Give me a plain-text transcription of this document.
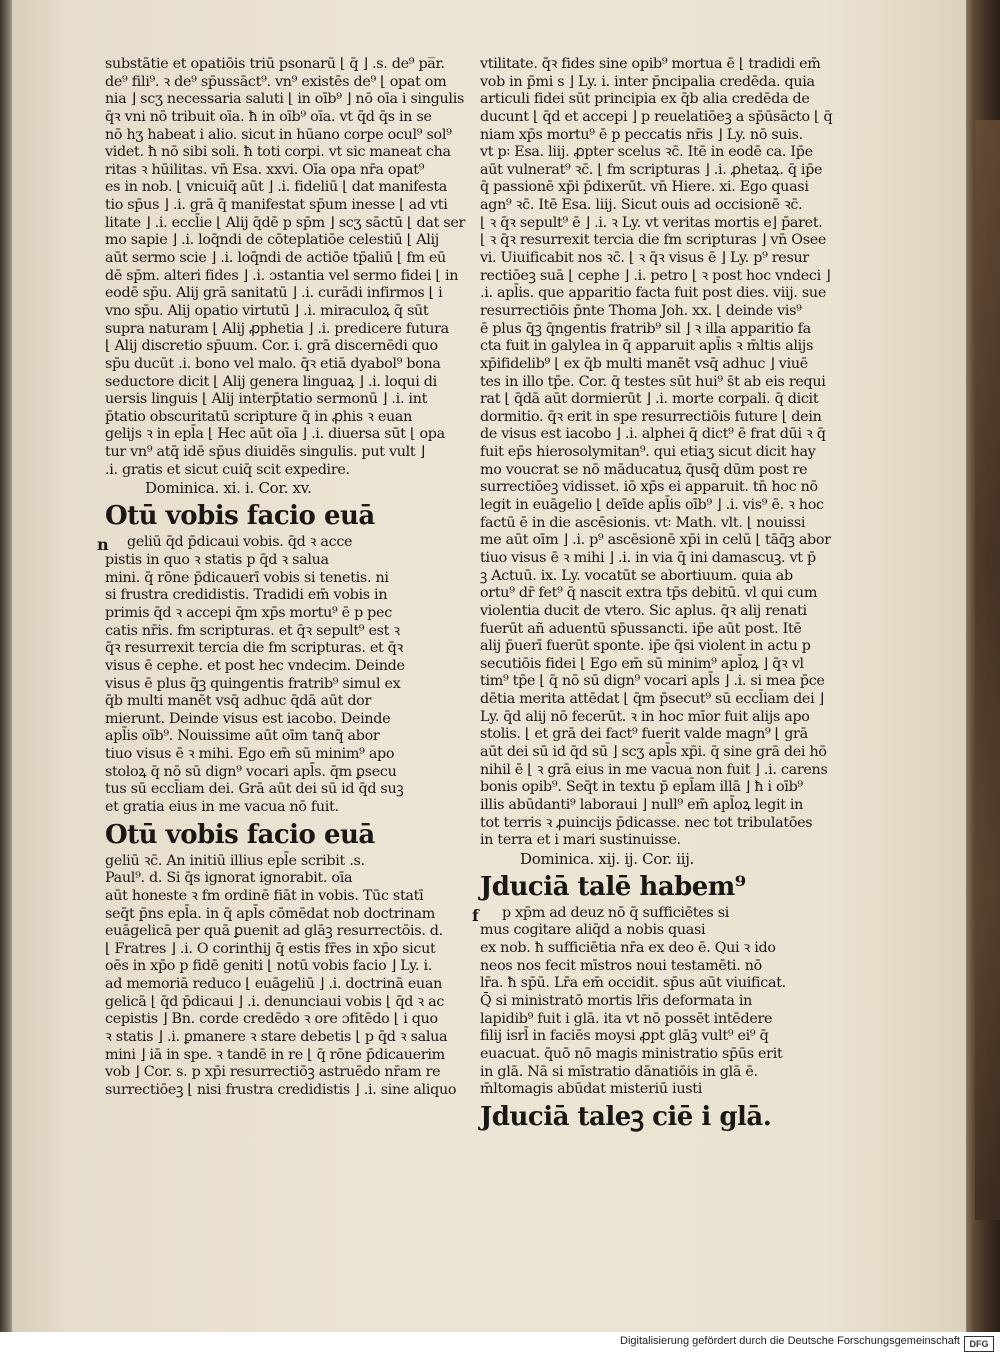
substātie et opatiōis triū psonarū ⌊ q̄ ⌋ .s. de⁹ pa̅r.
de⁹ fili⁹. ꝛ de⁹ sp̄ussāct⁹. vn⁹ existēs de⁹ ⌊ opat om
nia ⌋ scʒ necessaria saluti ⌊ in oīb⁹ ⌋ nō oīa i singulis
q̄ꝛ vni nō tribuit oīa. ħ in oīb⁹ oīa. vt q̄d q̄s in se
nō hʒ habeat i alio. sicut in hūano corpe ocul⁹ sol⁹
videt. ħ nō sibi soli. ħ toti corpi. vt sic maneat cha
ritas ꝛ hūilitas. vn̄ Esa. xxvi. Oīa opa nr̄a opat⁹
es in nob. ⌊ vnicuiq̄ aūt ⌋ .i. fideliū ⌊ dat manifesta
tio sp̄us ⌋ .i. grā q̄ manifestat sp̄um inesse ⌊ ad vti
litate ⌋ .i. eccl̄ie ⌊ Alij q̄dē p sp̄m ⌋ scʒ sāctū ⌊ dat ser
mo sapie ⌋ .i. loq̄ndi de cōteplatiōe celestiū ⌊ Alij
aūt sermo scie ⌋ .i. loq̄ndi de actiōe tp̄aliū ⌊ fm eū
dē sp̄m. alteri fides ⌋ .i. ɔstantia vel sermo fidei ⌊ in
eodē sp̄u. Alij grā sanitatū ⌋ .i. curādi infirmos ⌊ i
vno sp̄u. Alij opatio virtutū ⌋ .i. miraculoꝝ q̄ sūt
supra naturam ⌊ Alij ꝓphetia ⌋ .i. predicere futura
⌊ Alij discretio sp̄uum. Cor. i. grā discernēdi quo
sp̄u ducūt .i. bono vel malo. q̄ꝛ etiā dyabol⁹ bona
seductore dicit ⌊ Alij genera linguaꝝ ⌋ .i. loqui di
uersis linguis ⌊ Alij interp̄tatio sermonū ⌋ .i. int
p̄tatio obscuritatū scripture q̄ in ꝓhis ꝛ euan
gelijs ꝛ in epl̄a ⌊ Hec aūt oīa ⌋ .i. diuersa sūt ⌊ opa
tur vn⁹ atq̄ idē sp̄us diuidēs singulis. put vult ⌋
.i. gratis et sicut cuiq̄ scit expedire.
Dominica. xi. i. Cor. xv.
Otū vobis facio euā
n geliū q̄d p̄dicaui vobis. q̄d ꝛ acce
pistis in quo ꝛ statis p q̄d ꝛ salua
mini. q̄ rōne p̄dicauerī vobis si tenetis. ni
si frustra credidistis. Tradidi em̄ vobis in
primis q̄d ꝛ accepi q̄m xp̄s mortu⁹ ē p pec
catis nr̄is. fm scripturas. et q̄ꝛ sepult⁹ est ꝛ
q̄ꝛ resurrexit tercia die fm scripturas. et q̄ꝛ
visus ē cephe. et post hec vndecim. Deinde
visus ē plus q̄ꝫ quingentis fratrib⁹ simul ex
q̄b multi manēt vsq̄ adhuc q̄dā aūt dor
mierunt. Deinde visus est iacobo. Deinde
apl̄is oīb⁹. Nouissime aūt oīm tanq̄ abor
tiuo visus ē ꝛ mihi. Ego em̄ sū minim⁹ apo
stoloꝝ q̄ nō sū dign⁹ vocari apl̄s. q̄m ꝑsecu
tus sū eccl̄iam dei. Grā aūt dei sū id q̄d suꝫ
et gratia eius in me vacua nō fuit.
Otū vobis facio euā
geliū ꝛc̄. An initiū illius epl̄e scribit .s.
Paul⁹. d. Si q̄s ignorat ignorabit. oīa
aūt honeste ꝛ fm ordinē fiāt in vobis. Tūc statī
seq̄t p̄ns epl̄a. in q̄ apl̄s cōmēdat nob doctrinam
euāgelicā per quā ꝑuenit ad glāꝫ resurrectōis. d.
⌊ Fratres ⌋ .i. O corinthij q̄ estis fr̄es in xp̄o sicut
oēs in xp̄o p fidē geniti ⌊ notū vobis facio ⌋ Ly. i.
ad memoriā reduco ⌊ euāgeliū ⌋ .i. doctrinā euan
gelicā ⌊ q̄d p̄dicaui ⌋ .i. denunciaui vobis ⌊ q̄d ꝛ ac
cepistis ⌋ Bn. corde credēdo ꝛ ore ɔfitēdo ⌊ i quo
ꝛ statis ⌋ .i. ꝑmanere ꝛ stare debetis ⌊ p q̄d ꝛ salua
mini ⌋ iā in spe. ꝛ tandē in re ⌊ q̄ rōne p̄dicauerim
vob ⌋ Cor. s. p xp̄i resurrectiōꝫ astruēdo nr̄am re
surrectiōeꝫ ⌊ nisi frustra credidistis ⌋ .i. sine aliquo
vtilitate. q̄ꝛ fides sine opib⁹ mortua ē ⌊ tradidi em̄
vob in p̄mi s ⌋ Ly. i. inter p̄ncipalia credēda. quia
articuli fidei sūt principia ex q̄b alia credēda de
ducunt ⌊ q̄d et accepi ⌋ p reuelatiōeꝫ a sp̄ūsācto ⌊ q̄
niam xp̄s mortu⁹ ē p peccatis nr̄is ⌋ Ly. nō suis.
vt p꞉ Esa. liij. ꝓpter scelus ꝛc̄. Itē in eodē ca. Ip̄e
aūt vulnerat⁹ ꝛc̄. ⌊ fm scripturas ⌋ .i. ꝓhetaꝝ. q̄ ip̄e
q̄ passionē xp̄i p̄dixerūt. vn̄ Hiere. xi. Ego quasi
agn⁹ ꝛc̄. Itē Esa. liij. Sicut ouis ad occisionē ꝛc̄.
⌊ ꝛ q̄ꝛ sepult⁹ ē ⌋ .i. ꝛ Ly. vt veritas mortis e⌋ p̄aret.
⌊ ꝛ q̄ꝛ resurrexit tercia die fm scripturas ⌋ vn̄ Osee
vi. Uiuificabit nos ꝛc̄. ⌊ ꝛ q̄ꝛ visus ē ⌋ Ly. p⁹ resur
rectiōeꝫ suā ⌊ cephe ⌋ .i. petro ⌊ ꝛ post hoc vndeci ⌋
.i. apl̄is. que apparitio facta fuit post dies. viij. sue
resurrectiōis p̄nte Thoma Joh. xx. ⌊ deinde vis⁹
ē plus q̄ꝫ q̄ngentis fratrib⁹ sil ⌋ ꝛ illa apparitio fa
cta fuit in galylea in q̄ apparuit apl̄is ꝛ m̄ltis alijs
xp̄ifidelib⁹ ⌊ ex q̄b multi manēt vsq̄ adhuc ⌋ viuē
tes in illo tp̄e. Cor. q̄ testes sūt hui⁹ s̄t ab eis requi
rat ⌊ q̄dā aūt dormierūt ⌋ .i. morte corpali. q̄ dicit
dormitio. q̄ꝛ erit in spe resurrectiōis future ⌊ dein
de visus est iacobo ⌋ .i. alphei q̄ dict⁹ ē frat dūi ꝛ q̄
fuit ep̄s hierosolymitan⁹. qui etiaʒ sicut dicit hay
mo voucrat se nō māducatuꝝ q̄usq̄ dūm post re
surrectiōeꝫ vidisset. iō xp̄s ei apparuit. tn̄ hoc nō
legit in euāgelio ⌊ deīde apl̄is oīb⁹ ⌋ .i. vis⁹ ē. ꝛ hoc
factū ē in die ascēsionis. vt꞉ Math. vlt. ⌊ nouissi
me aūt oīm ⌋ .i. p⁹ ascēsionē xp̄i in celū ⌊ tāq̄ꝫ abor
tiuo visus ē ꝛ mihi ⌋ .i. in via q̄ ini damascuꝫ. vt p̄
ꝫ Actuū. ix. Ly. vocatūt se abortiuum. quia ab
ortu⁹ dr̄ fet⁹ q̄ nascit extra tp̄s debitū. vl qui cum
violentia ducit de vtero. Sic aplus. q̄ꝛ alij renati
fuerūt añ aduentū sp̄ussancti. ip̄e aūt post. Itē
alij p̄uerī fuerūt sponte. ip̄e q̄si violent in actu p
secutiōis fidei ⌊ Ego em̄ sū minim⁹ apl̄oꝝ ⌋ q̄ꝛ vl
tim⁹ tp̄e ⌊ q̄ nō sū dign⁹ vocari apl̄s ⌋ .i. si mea p̄ce
dētia merita attēdat ⌊ q̄m p̄secut⁹ sū eccl̄iam dei ⌋
Ly. q̄d alij nō fecerūt. ꝛ in hoc mīor fuit alijs apo
stolis. ⌊ et grā dei fact⁹ fuerit valde magn⁹ ⌊ grā
aūt dei sū id q̄d sū ⌋ scʒ apl̄s xp̄i. q̄ sine grā dei hō
nihil ē ⌊ ꝛ grā eius in me vacua non fuit ⌋ .i. carens
bonis opib⁹. Seq̄t in textu p̄ epl̄am illā ⌋ ħ i oīb⁹
illis abūdanti⁹ laboraui ⌋ null⁹ em̄ apl̄oꝝ legit in
tot terris ꝛ ꝓuincijs p̄dicasse. nec tot tribulatōes
in terra et i mari sustinuisse.
Dominica. xij. ij. Cor. iij.
Jduciā talē habem⁹
f p xp̄m ad deuz nō q̄ sufficiētes si
mus cogitare aliq̄d a nobis quasi
ex nob. ħ sufficiētia nr̄a ex deo ē. Qui ꝛ ido
neos nos fecit mīstros noui testamēti. nō
lr̄a. ħ sp̄ū. Lr̄a em̄ occidit. sp̄us aūt viuificat.
Q̄ si ministratō mortis lr̄is deformata in
lapidib⁹ fuit i glā. ita vt nō possēt intēdere
filij isrl̄ in faciēs moysi ꝓpt glāꝫ vult⁹ ei⁹ q̄
euacuat. q̄uō nō magis ministratio sp̄ūs erit
in glā. Nā si mīstratio dānatiōis in glā ē.
m̄ltomagis abūdat misteriū iusti
Jduciā taleꝫ ciē i glā.
Digitalisierung gefördert durch die Deutsche Forschungsgemeinschaft	DFG
